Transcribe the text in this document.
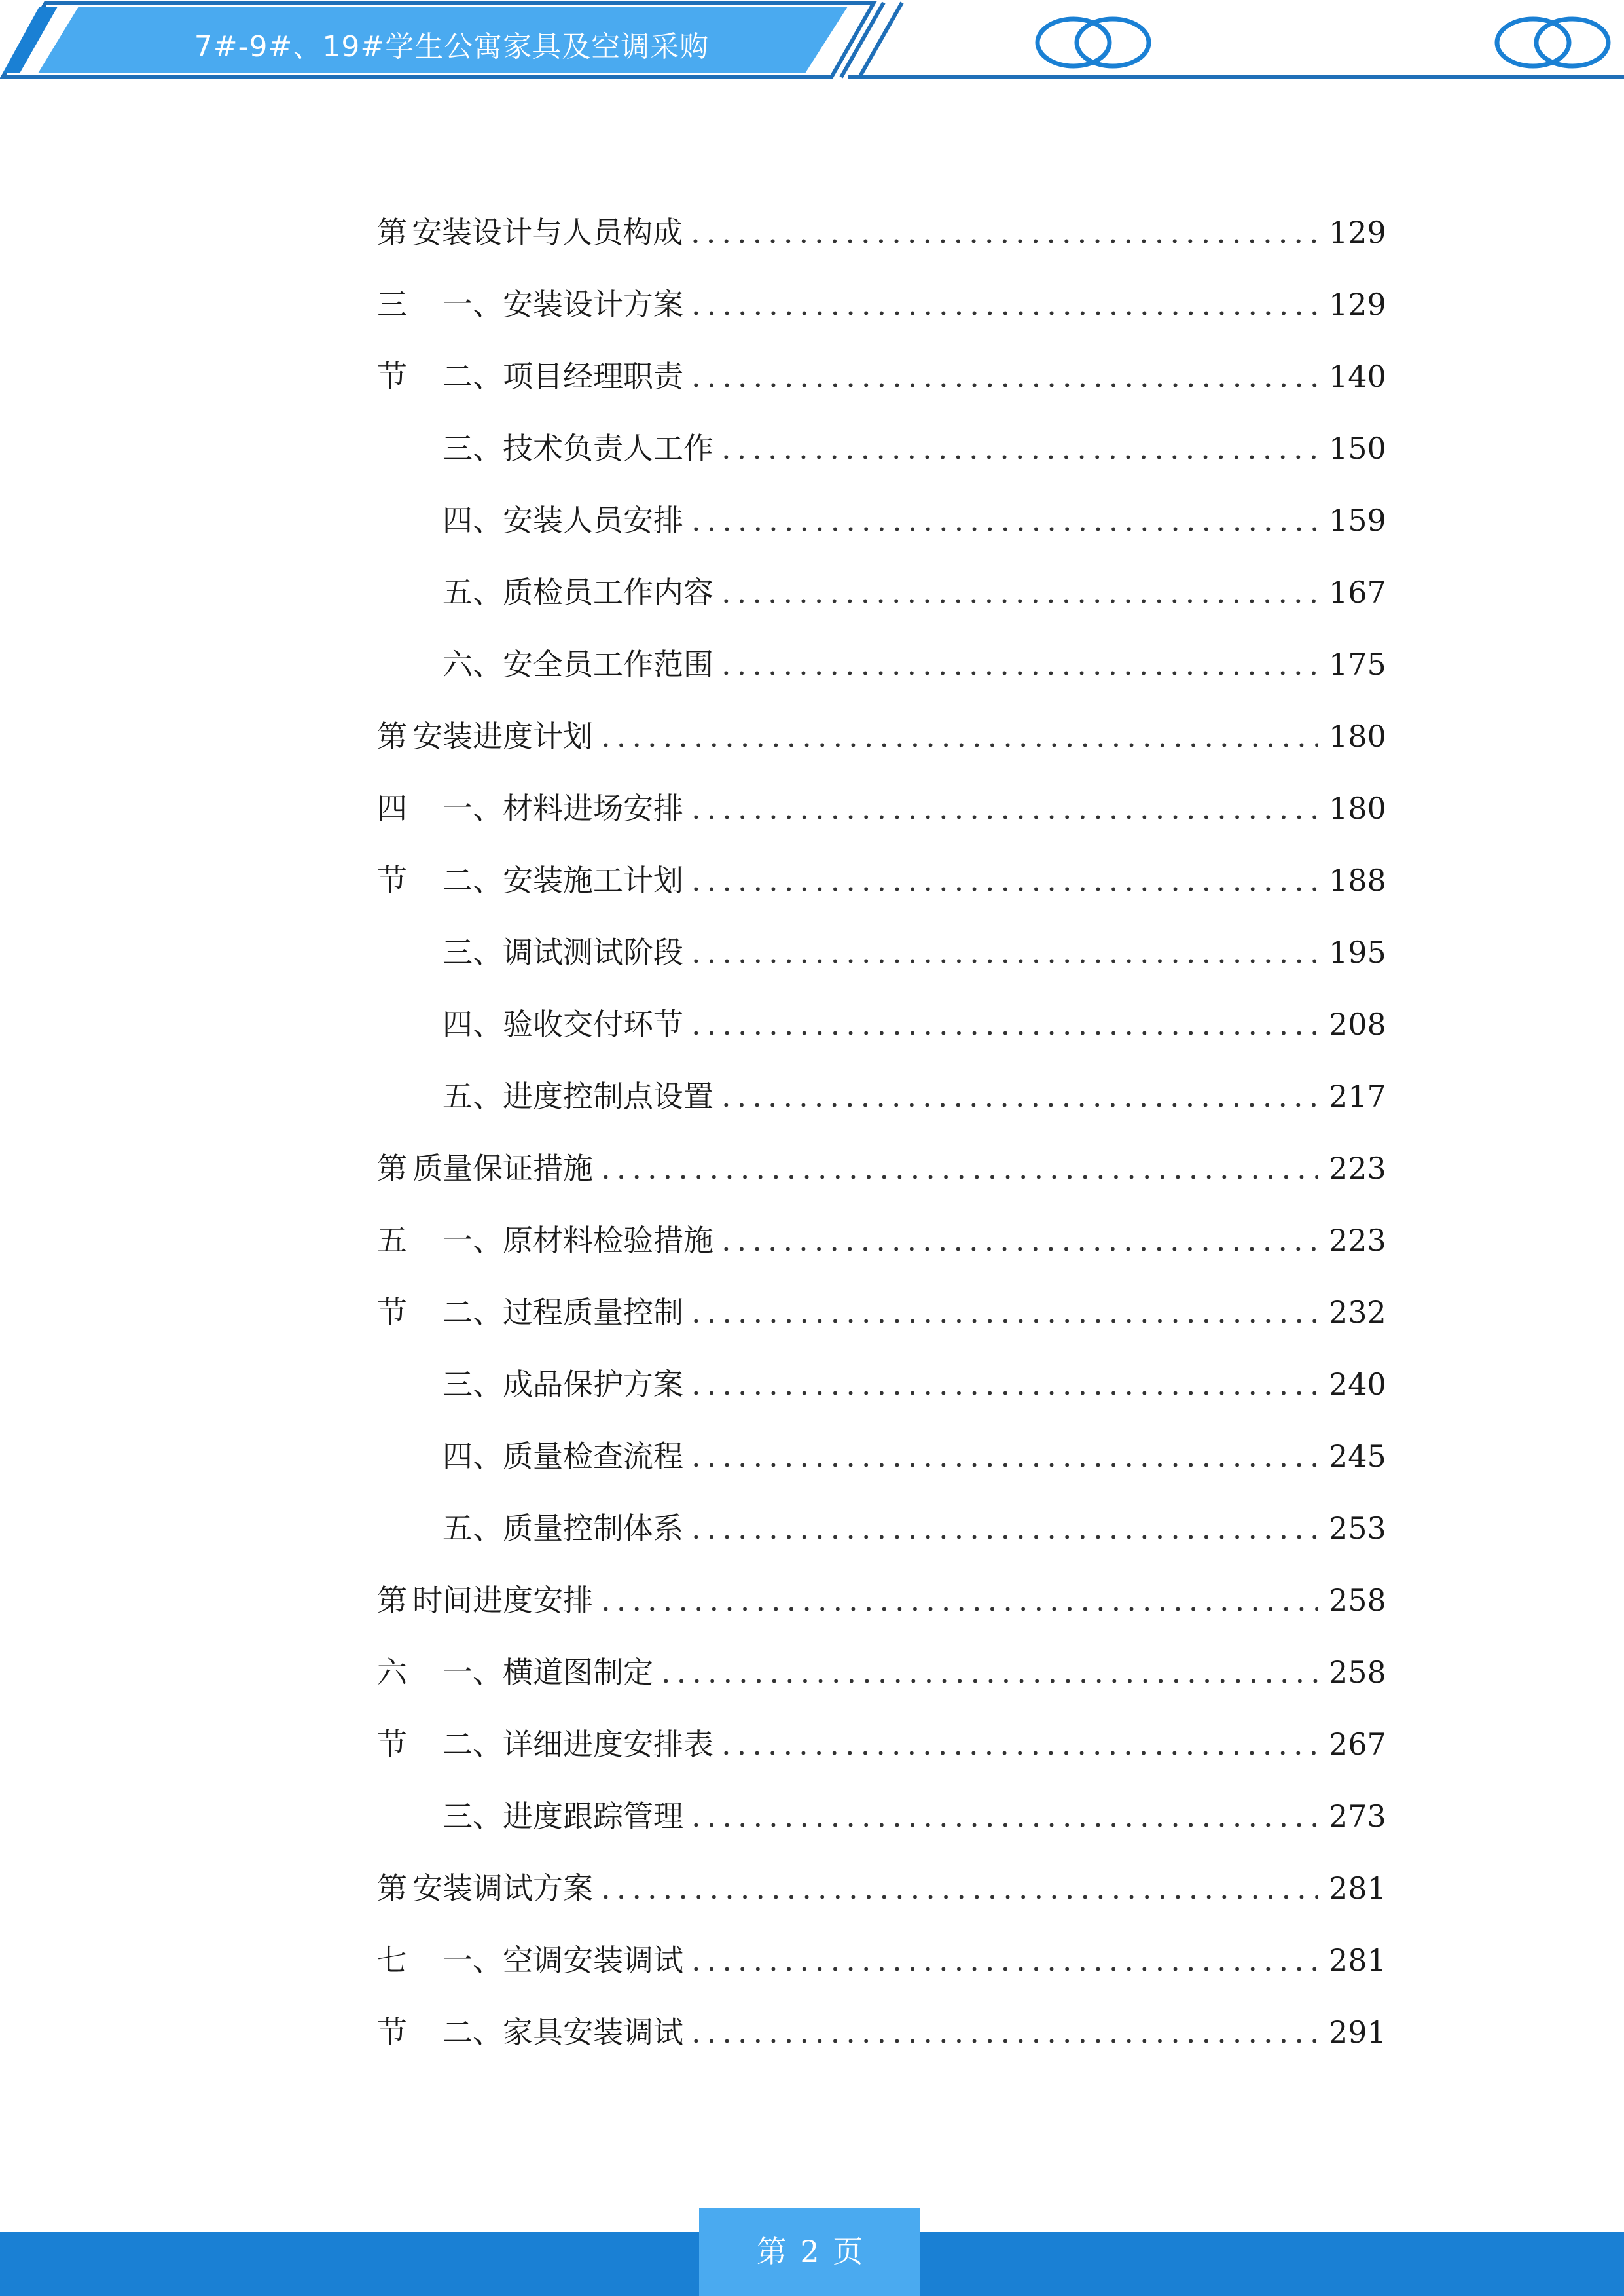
7#-9#、19#学生公寓家具及空调采购
第三节
安装设计与人员构成 .....	129
一、 安装设计方案 .....	129
二、 项目经理职责 .....	140
三、 技术负责人工作 .....	150
四、 安装人员安排 .....	159
五、 质检员工作内容 .....	167
六、 安全员工作范围 .....	175
第四节
安装进度计划 .....	180
一、 材料进场安排 .....	180
二、 安装施工计划 .....	188
三、 调试测试阶段 .....	195
四、 验收交付环节 .....	208
五、 进度控制点设置 .....	217
第五节
质量保证措施 .....	223
一、 原材料检验措施 .....	223
二、 过程质量控制 .....	232
三、 成品保护方案 .....	240
四、 质量检查流程 .....	245
五、 质量控制体系 .....	253
第六节
时间进度安排 .....	258
一、 横道图制定 .....	258
二、 详细进度安排表 .....	267
三、 进度跟踪管理 .....	273
第七节
安装调试方案 .....	281
一、 空调安装调试 .....	281
二、 家具安装调试 .....	291
第 2 页
